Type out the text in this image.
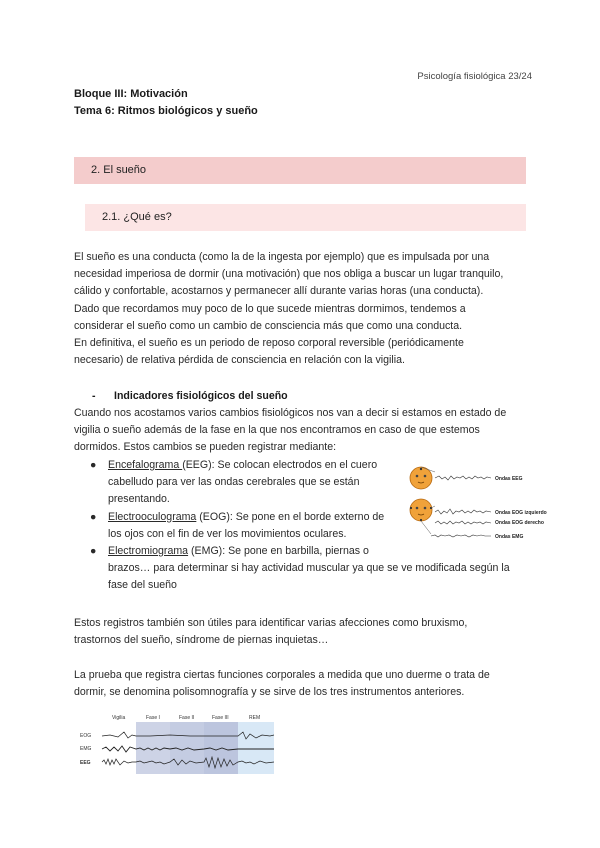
Psicología fisiológica 23/24
Bloque III: Motivación
Tema 6: Ritmos biológicos y sueño
2. El sueño
2.1. ¿Qué es?

El sueño es una conducta (como la de la ingesta por ejemplo) que es impulsada por una

necesidad imperiosa de dormir (una motivación) que nos obliga a buscar un lugar tranquilo,

cálido y confortable, acostarnos y permanecer allí durante varias horas (una conducta).

Dado que recordamos muy poco de lo que sucede mientras dormimos, tendemos a

considerar el sueño como un cambio de consciencia más que como una conducta.

En definitiva, el sueño es un periodo de reposo corporal reversible (periódicamente

necesario) de relativa pérdida de consciencia en relación con la vigilia.

- Indicadores fisiológicos del sueño

Cuando nos acostamos varios cambios fisiológicos nos van a decir si estamos en estado de

vigilia o sueño además de la fase en la que nos encontramos en caso de que estemos

dormidos. Estos cambios se pueden registrar mediante:

● Encefalograma (EEG): Se colocan electrodos en el cuero
cabelludo para ver las ondas cerebrales que se están
presentando.
● Electrooculograma (EOG): Se pone en el borde externo de
los ojos con el fin de ver los movimientos oculares.
● Electromiograma (EMG): Se pone en barbilla, piernas o
brazos… para determinar si hay actividad muscular ya que se ve modificada según la
fase del sueño
Ondas EEG
Ondas EOG izquierdo
Ondas EOG derecho
Ondas EMG

Estos registros también son útiles para identificar varias afecciones como bruxismo,

trastornos del sueño, síndrome de piernas inquietas…

La prueba que registra ciertas funciones corporales a medida que uno duerme o trata de

dormir, se denomina polisomnografía y se sirve de los tres instrumentos anteriores.

Vigilia	Fase I	Fase II	Fase III	REM
EOG
EMG
EEG
